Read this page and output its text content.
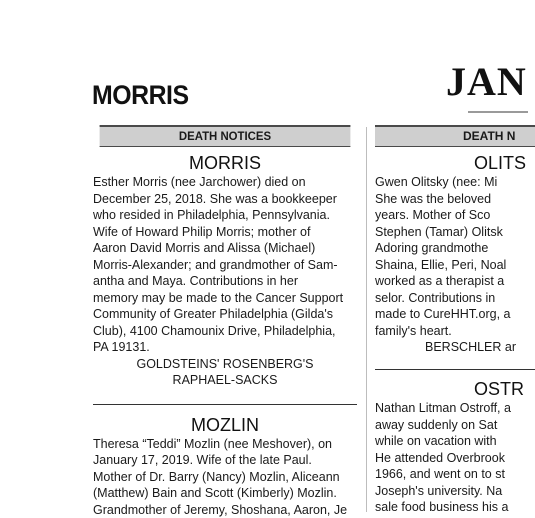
MORRIS	JAN
DEATH NOTICES
MORRIS

Esther Morris (nee Jarchower) died on
December 25, 2018. She was a bookkeeper
who resided in Philadelphia, Pennsylvania.
Wife of Howard Philip Morris; mother of
Aaron David Morris and Alissa (Michael)
Morris-Alexander; and grandmother of Sam-
antha and Maya. Contributions in her
memory may be made to the Cancer Support
Community of Greater Philadelphia (Gilda's
Club), 4100 Chamounix Drive, Philadelphia,
PA 19131.

GOLDSTEINS' ROSENBERG'S
RAPHAEL-SACKS

MOZLIN

Theresa “Teddi” Mozlin (nee Meshover), on
January 17, 2019. Wife of the late Paul.
Mother of Dr. Barry (Nancy) Mozlin, Aliceann
(Matthew) Bain and Scott (Kimberly) Mozlin.
Grandmother of Jeremy, Shoshana, Aaron, Je

DEATH N
OLITS

Gwen Olitsky (nee: Mi
She was the beloved
years. Mother of Sco
Stephen (Tamar) Olitsk
Adoring grandmothe
Shaina, Ellie, Peri, Noal
worked as a therapist a
selor. Contributions in
made to CureHHT.org, a
family's heart.

BERSCHLER ar

OSTR

Nathan Litman Ostroff, a
away suddenly on Sat
while on vacation with
He attended Overbrook
1966, and went on to st
Joseph's university. Na
sale food business his a
